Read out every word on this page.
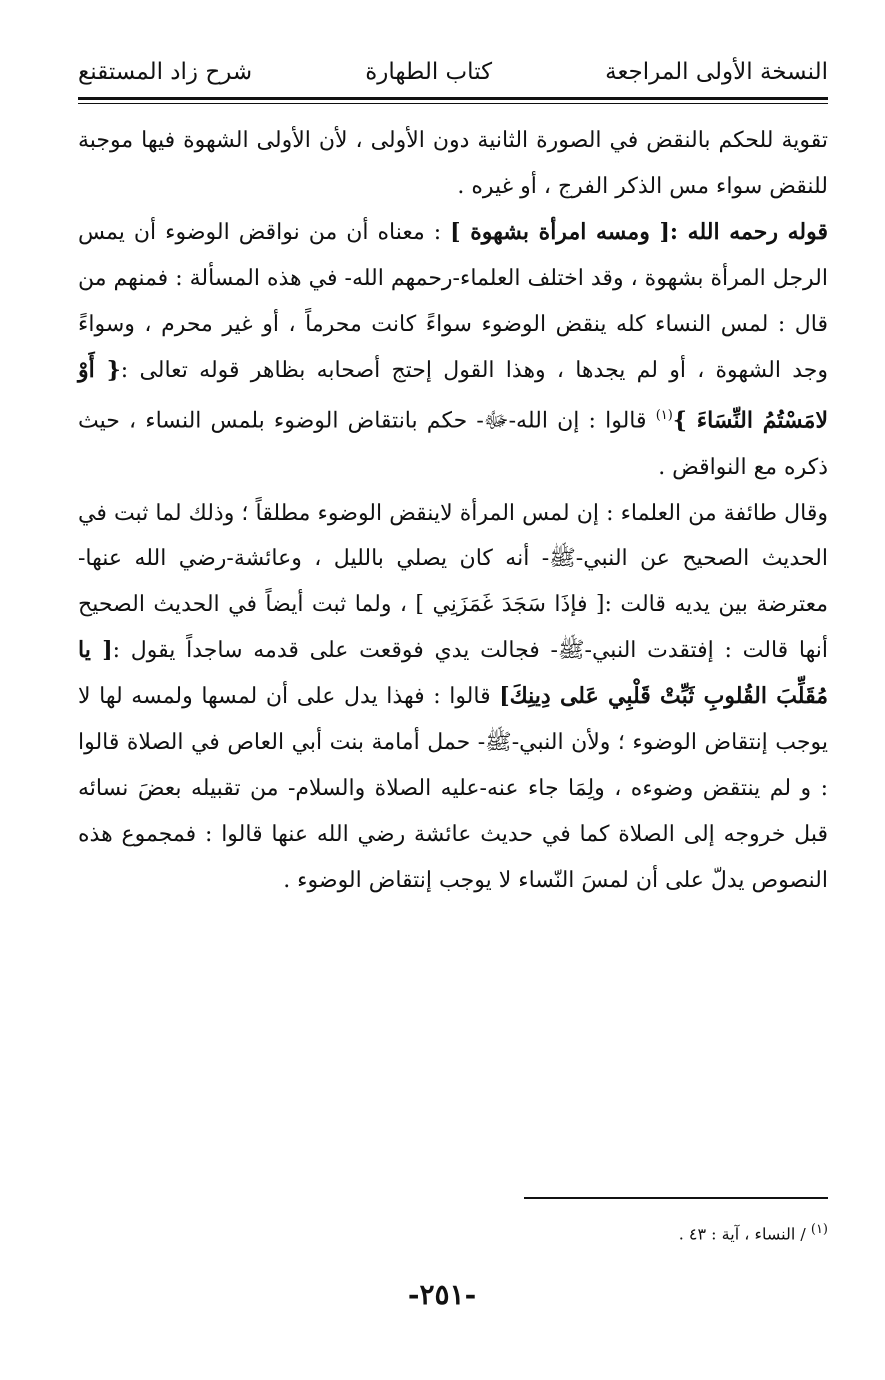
شرح زاد المستقنع	كتاب الطهارة	النسخة الأولى المراجعة

تقوية للحكم بالنقض في الصورة الثانية دون الأولى ، لأن الأولى الشهوة فيها موجبة للنقض سواء مس الذكر الفرج ، أو غيره .

قوله رحمه الله :[ ومسه امرأة بشهوة ] : معناه أن من نواقض الوضوء أن يمس الرجل المرأة بشهوة ، وقد اختلف العلماء-رحمهم الله- في هذه المسألة : فمنهم من قال : لمس النساء كله ينقض الوضوء سواءً كانت محرماً ، أو غير محرم ، وسواءً وجد الشهوة ، أو لم يجدها ، وهذا القول إحتج أصحابه بظاهر قوله تعالى :{ أَوْ لامَسْتُمُ النِّسَاءَ }$^{(١)}$ قالوا : إن الله-ﷻ- حكم بانتقاض الوضوء بلمس النساء ، حيث ذكره مع النواقض .

وقال طائفة من العلماء : إن لمس المرأة لاينقض الوضوء مطلقاً ؛ وذلك لما ثبت في الحديث الصحيح عن النبي-ﷺ- أنه كان يصلي بالليل ، وعائشة-رضي الله عنها- معترضة بين يديه قالت :[ فإذَا سَجَدَ غَمَزَنِي ] ، ولما ثبت أيضاً في الحديث الصحيح أنها قالت : إفتقدت النبي-ﷺ- فجالت يدي فوقعت على قدمه ساجداً يقول :[ يا مُقَلِّبَ القُلوبِ ثَبِّتْ قَلْبِي عَلى دِينِكَ] قالوا : فهذا يدل على أن لمسها ولمسه لها لا يوجب إنتقاض الوضوء ؛ ولأن النبي-ﷺ- حمل أمامة بنت أبي العاص في الصلاة قالوا : و لم ينتقض وضوءه ، ولِمَا جاء عنه-عليه الصلاة والسلام- من تقبيله بعضَ نسائه قبل خروجه إلى الصلاة كما في حديث عائشة رضي الله عنها قالوا : فمجموع هذه النصوص يدلّ على أن لمسَ النّساء لا يوجب إنتقاض الوضوء .

$^{(١)}$ / النساء ، آية : ٤٣ .
-٢٥١-
